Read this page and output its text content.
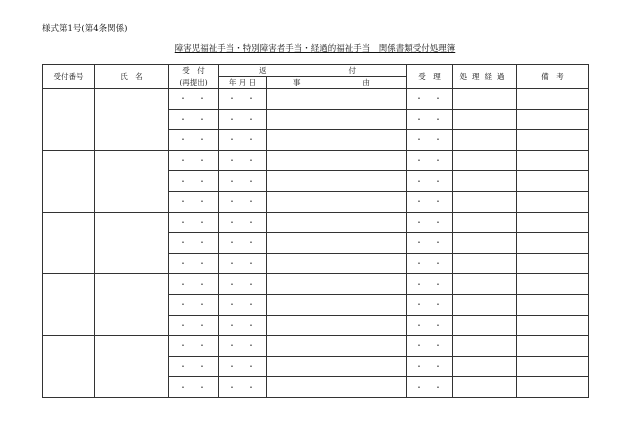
様式第1号(第4条関係)
障害児福祉手当・特別障害者手当・経過的福祉手当　関係書類受付処理簿
受付番号	氏　名	受　付	返 付		受　理	処理経過	備　考
		(再提出)	年 月 日	事 由			

		・　・	・　・		・　・		
		・　・	・　・		・　・		
		・　・	・　・		・　・		
		・　・	・　・		・　・		
		・　・	・　・		・　・		
		・　・	・　・		・　・		
		・　・	・　・		・　・		
		・　・	・　・		・　・		
		・　・	・　・		・　・		
		・　・	・　・		・　・		
		・　・	・　・		・　・		
		・　・	・　・		・　・		
		・　・	・　・		・　・		
		・　・	・　・		・　・		
		・　・	・　・		・　・		
